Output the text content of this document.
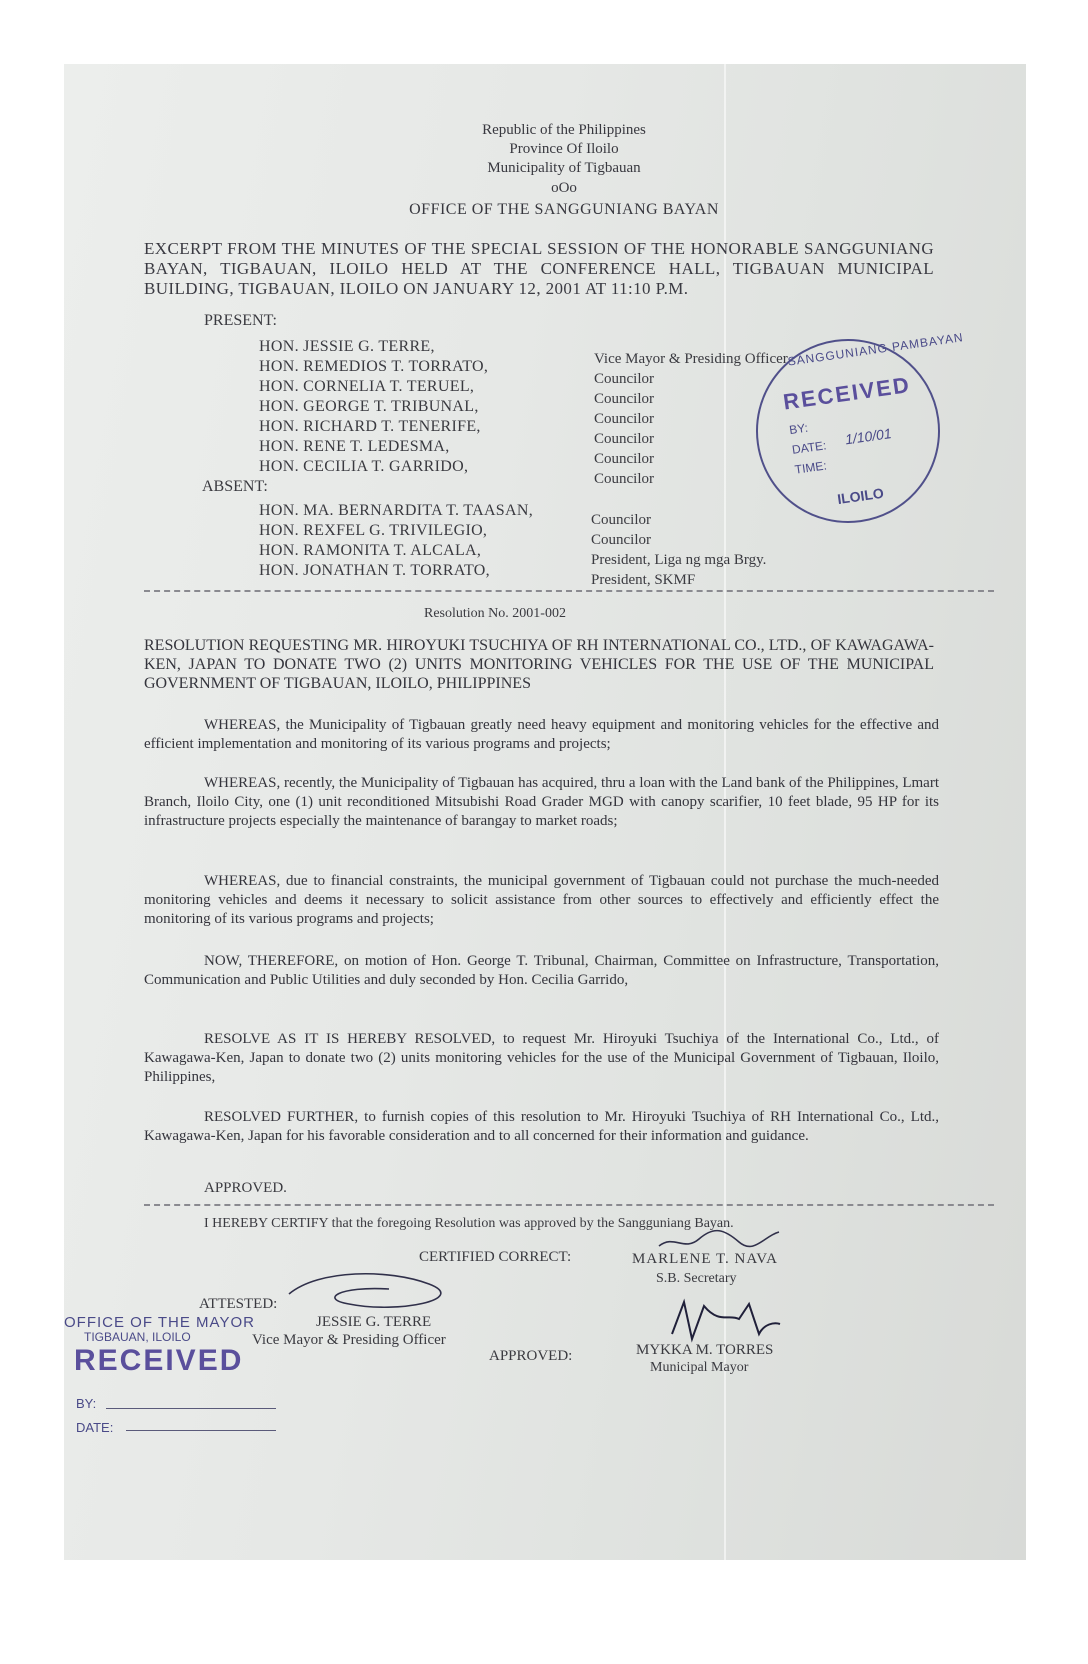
Republic of the Philippines
Province Of Iloilo
Municipality of Tigbauan
oOo
OFFICE OF THE SANGGUNIANG BAYAN
EXCERPT FROM THE MINUTES OF THE SPECIAL SESSION OF THE HONORABLE SANGGUNIANG BAYAN, TIGBAUAN, ILOILO HELD AT THE CONFERENCE HALL, TIGBAUAN MUNICIPAL BUILDING, TIGBAUAN, ILOILO ON JANUARY 12, 2001 AT 11:10 P.M.
PRESENT:
HON. JESSIE G. TERRE,
HON. REMEDIOS T. TORRATO,
HON. CORNELIA T. TERUEL,
HON. GEORGE T. TRIBUNAL,
HON. RICHARD T. TENERIFE,
HON. RENE T. LEDESMA,
HON. CECILIA T. GARRIDO,
Vice Mayor & Presiding Officer
Councilor
Councilor
Councilor
Councilor
Councilor
Councilor
ABSENT:
HON. MA. BERNARDITA T. TAASAN,
HON. REXFEL G. TRIVILEGIO,
HON. RAMONITA T. ALCALA,
HON. JONATHAN T. TORRATO,
Councilor
Councilor
President, Liga ng mga Brgy.
President, SKMF
Resolution No. 2001-002
RESOLUTION REQUESTING MR. HIROYUKI TSUCHIYA OF RH INTERNATIONAL CO., LTD., OF KAWAGAWA-KEN, JAPAN TO DONATE TWO (2) UNITS MONITORING VEHICLES FOR THE USE OF THE MUNICIPAL GOVERNMENT OF TIGBAUAN, ILOILO, PHILIPPINES
WHEREAS, the Municipality of Tigbauan greatly need heavy equipment and monitoring vehicles for the effective and efficient implementation and monitoring of its various programs and projects;
WHEREAS, recently, the Municipality of Tigbauan has acquired, thru a loan with the Land bank of the Philippines, Lmart Branch, Iloilo City, one (1) unit reconditioned Mitsubishi Road Grader MGD with canopy scarifier, 10 feet blade, 95 HP for its infrastructure projects especially the maintenance of barangay to market roads;
WHEREAS, due to financial constraints, the municipal government of Tigbauan could not purchase the much-needed monitoring vehicles and deems it necessary to solicit assistance from other sources to effectively and efficiently effect the monitoring of its various programs and projects;
NOW, THEREFORE, on motion of Hon. George T. Tribunal, Chairman, Committee on Infrastructure, Transportation, Communication and Public Utilities and duly seconded by Hon. Cecilia Garrido,
RESOLVE AS IT IS HEREBY RESOLVED, to request Mr. Hiroyuki Tsuchiya of the International Co., Ltd., of Kawagawa-Ken, Japan to donate two (2) units monitoring vehicles for the use of the Municipal Government of Tigbauan, Iloilo, Philippines,
RESOLVED FURTHER, to furnish copies of this resolution to Mr. Hiroyuki Tsuchiya of RH International Co., Ltd., Kawagawa-Ken, Japan for his favorable consideration and to all concerned for their information and guidance.
APPROVED.
I HEREBY CERTIFY that the foregoing Resolution was approved by the Sangguniang Bayan.
CERTIFIED CORRECT:	MARLENE T. NAVA
S.B. Secretary
ATTESTED:
JESSIE G. TERRE
Vice Mayor & Presiding Officer
APPROVED:	MYKKA M. TORRES
Municipal Mayor
SANGGUNIANG PAMBAYAN
RECEIVED
BY:
DATE:
1/10/01
TIME:
ILOILO
OFFICE OF THE MAYOR
TIGBAUAN, ILOILO
RECEIVED
BY:
DATE:
